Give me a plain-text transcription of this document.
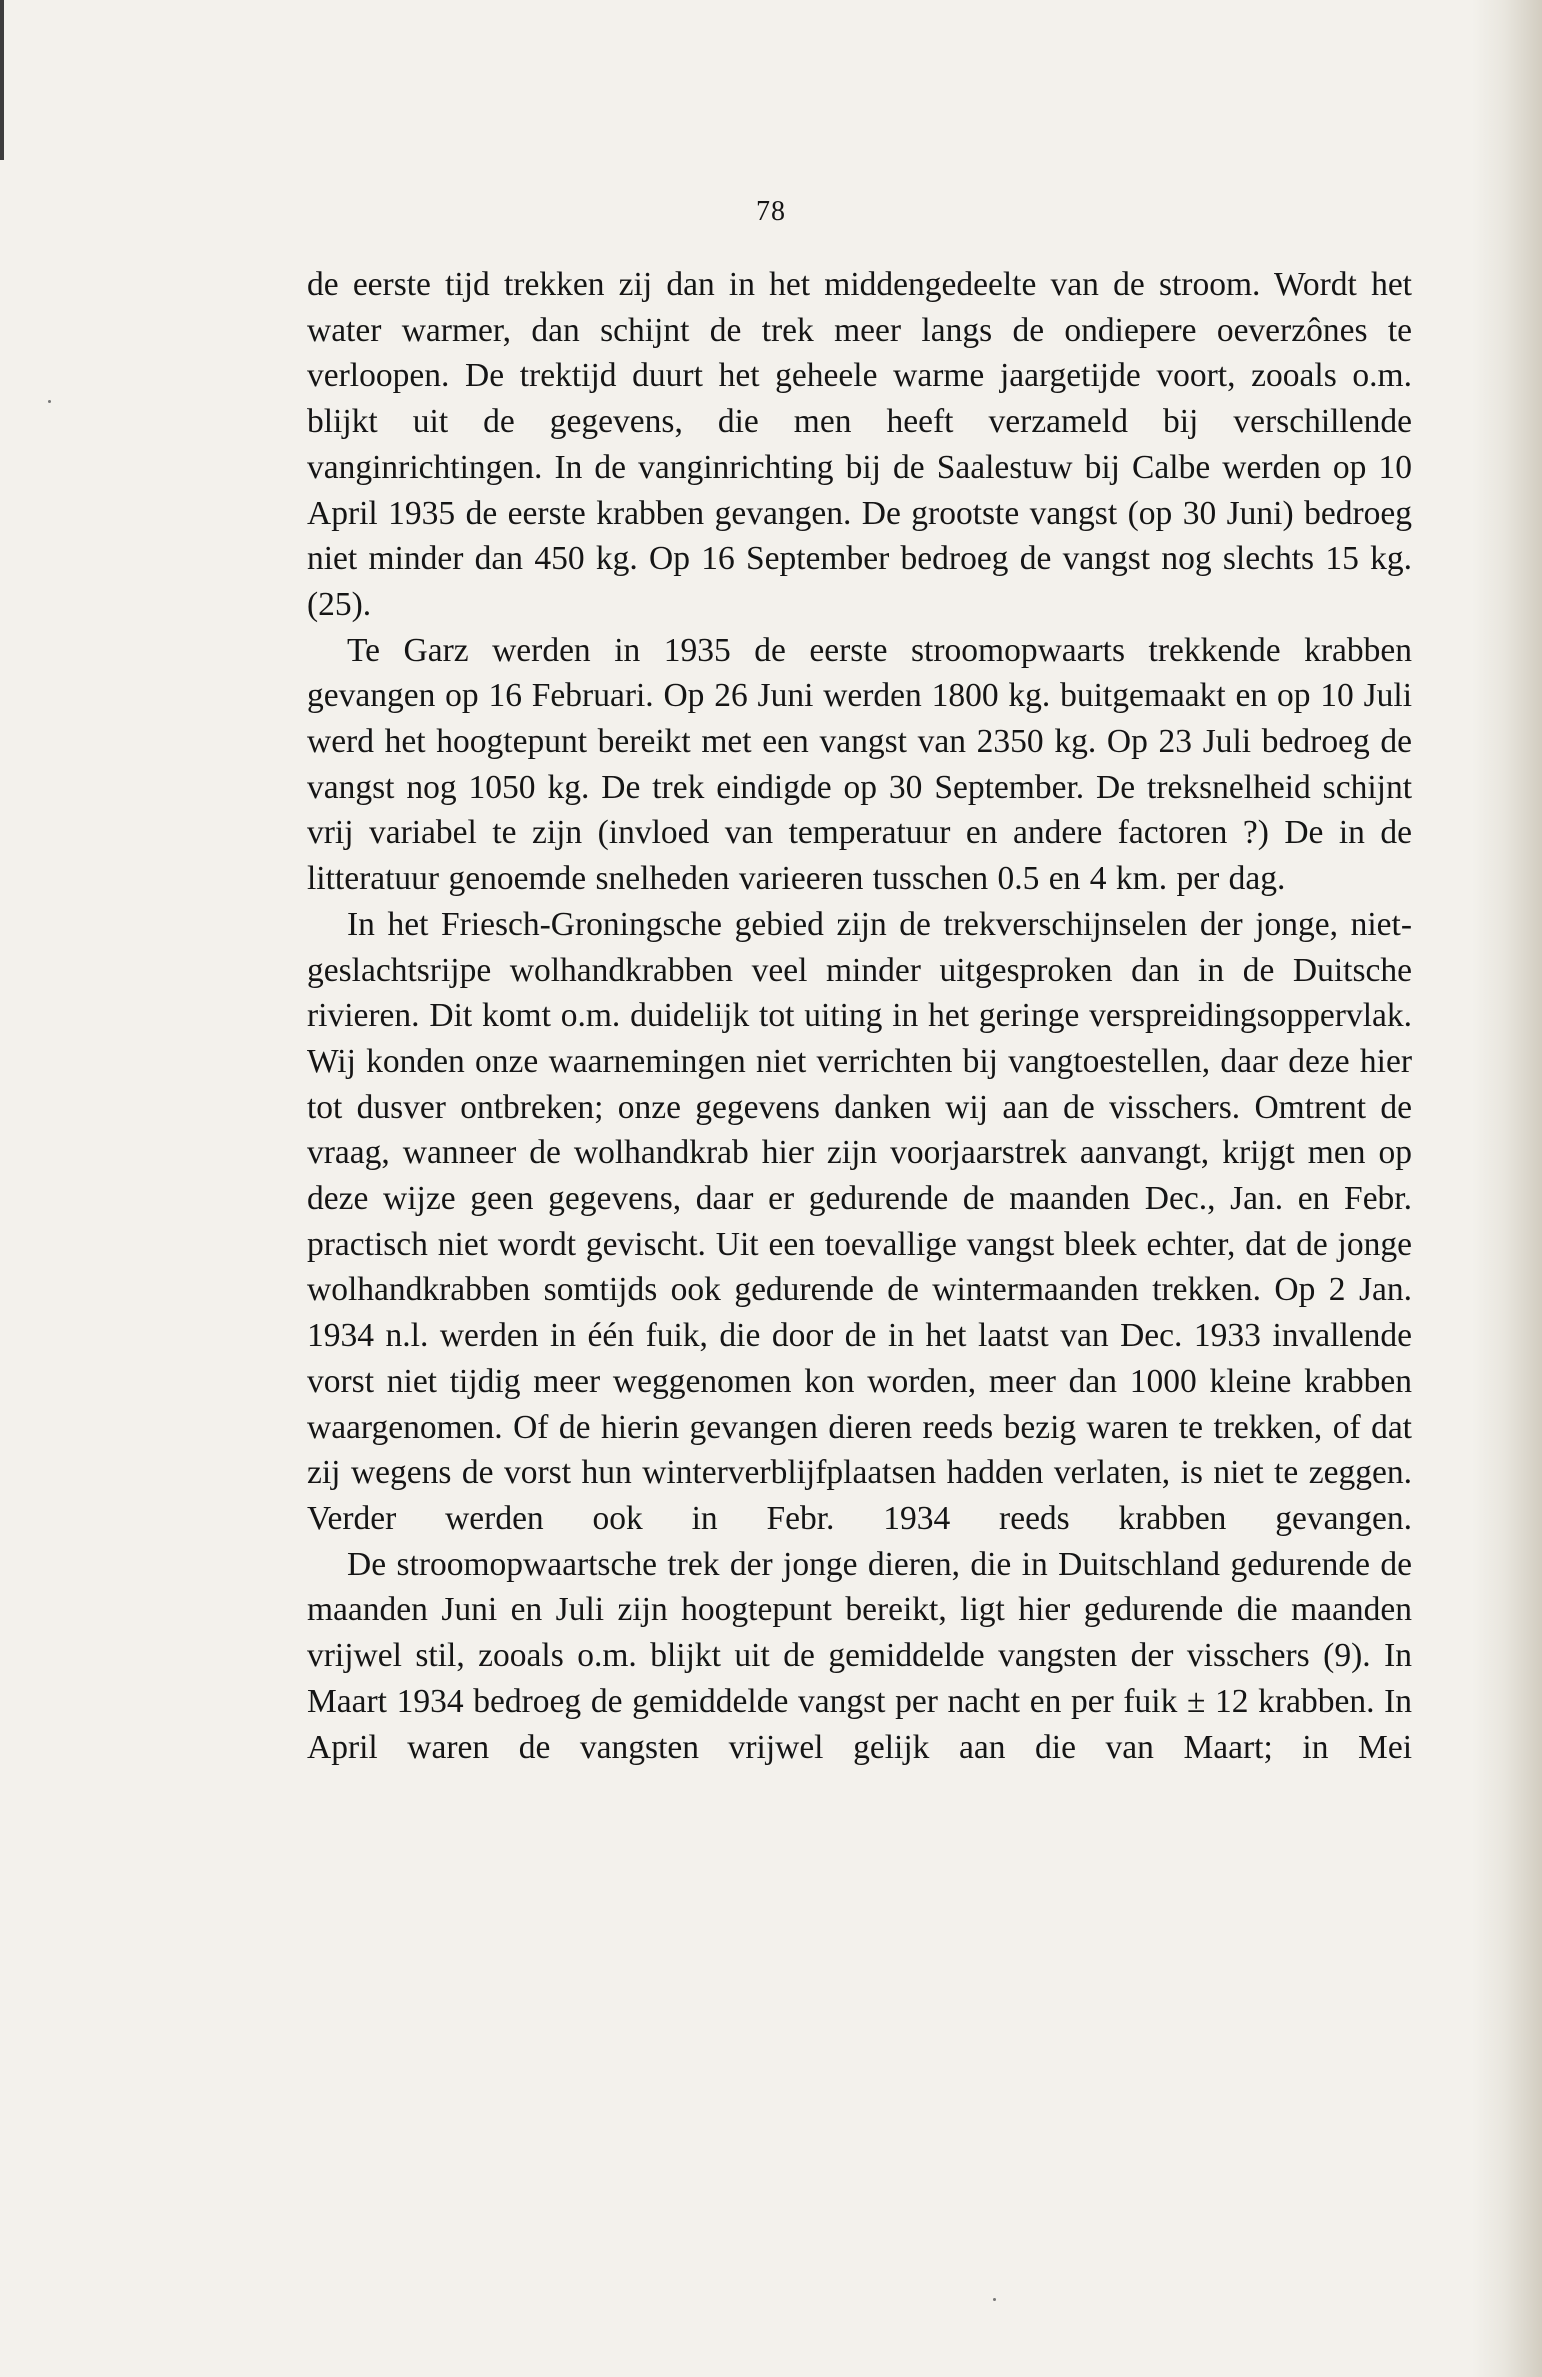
78

de eerste tijd trekken zij dan in het middengedeelte van de stroom. Wordt het water warmer, dan schijnt de trek meer langs de ondiepere oeverzônes te verloopen. De trektijd duurt het geheele warme jaargetijde voort, zooals o.m. blijkt uit de gegevens, die men heeft verzameld bij verschillende vanginrichtingen. In de vanginrichting bij de Saalestuw bij Calbe werden op 10 April 1935 de eerste krabben gevangen. De grootste vangst (op 30 Juni) bedroeg niet minder dan 450 kg. Op 16 September bedroeg de vangst nog slechts 15 kg. (25).

Te Garz werden in 1935 de eerste stroomopwaarts trekkende krabben gevangen op 16 Februari. Op 26 Juni werden 1800 kg. buitgemaakt en op 10 Juli werd het hoogtepunt bereikt met een vangst van 2350 kg. Op 23 Juli bedroeg de vangst nog 1050 kg. De trek eindigde op 30 September. De treksnelheid schijnt vrij variabel te zijn (invloed van temperatuur en andere factoren ?) De in de litteratuur genoemde snelheden varieeren tusschen 0.5 en 4 km. per dag.

In het Friesch-Groningsche gebied zijn de trekverschijnselen der jonge, niet-geslachtsrijpe wolhandkrabben veel minder uitgesproken dan in de Duitsche rivieren. Dit komt o.m. duidelijk tot uiting in het geringe verspreidingsoppervlak. Wij konden onze waarnemingen niet verrichten bij vangtoestellen, daar deze hier tot dusver ontbreken; onze gegevens danken wij aan de visschers. Omtrent de vraag, wanneer de wolhandkrab hier zijn voorjaarstrek aanvangt, krijgt men op deze wijze geen gegevens, daar er gedurende de maanden Dec., Jan. en Febr. practisch niet wordt gevischt. Uit een toevallige vangst bleek echter, dat de jonge wolhandkrabben somtijds ook gedurende de wintermaanden trekken. Op 2 Jan. 1934 n.l. werden in één fuik, die door de in het laatst van Dec. 1933 invallende vorst niet tijdig meer weggenomen kon worden, meer dan 1000 kleine krabben waargenomen. Of de hierin gevangen dieren reeds bezig waren te trekken, of dat zij wegens de vorst hun winterverblijfplaatsen hadden verlaten, is niet te zeggen. Verder werden ook in Febr. 1934 reeds krabben gevangen.

De stroomopwaartsche trek der jonge dieren, die in Duitschland gedurende de maanden Juni en Juli zijn hoogtepunt bereikt, ligt hier gedurende die maanden vrijwel stil, zooals o.m. blijkt uit de gemiddelde vangsten der visschers (9). In Maart 1934 bedroeg de gemiddelde vangst per nacht en per fuik ± 12 krabben. In April waren de vangsten vrijwel gelijk aan die van Maart; in Mei
